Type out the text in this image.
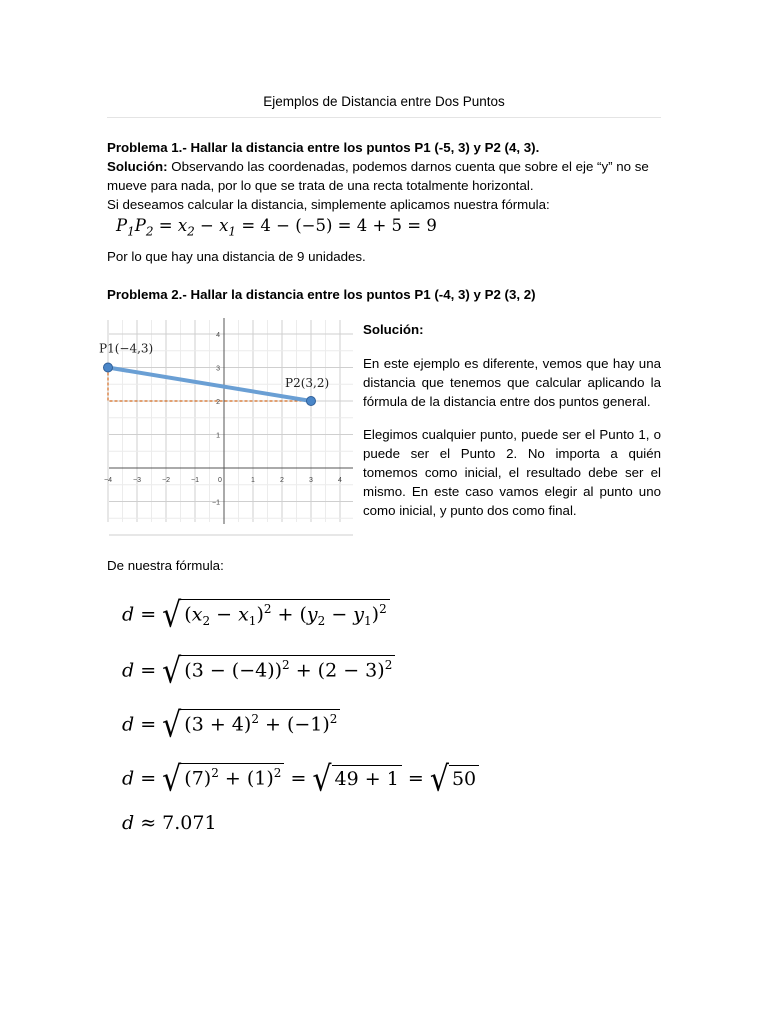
Ejemplos de Distancia entre Dos Puntos
Problema 1.- Hallar la distancia entre los puntos P1 (-5, 3) y P2 (4, 3).
Solución: Observando las coordenadas, podemos darnos cuenta que sobre el eje “y” no se mueve para nada, por lo que se trata de una recta totalmente horizontal.
Si deseamos calcular la distancia, simplemente aplicamos nuestra fórmula:
$P_1P_2 = x_2 - x_1 = 4 - (-5) = 4 + 5 = 9$
Por lo que hay una distancia de 9 unidades.
Problema 2.- Hallar la distancia entre los puntos P1 (-4, 3) y P2 (3, 2)
−4	−3	−2	−1	0	1	2	3	4
4
3
2
1
−1
P1(−4,3)
P2(3,2)
Solución:
En este ejemplo es diferente, vemos que hay una distancia que tenemos que calcular aplicando la fórmula de la distancia entre dos puntos general.
Elegimos cualquier punto, puede ser el Punto 1, o puede ser el Punto 2. No importa a quién tomemos como inicial, el resultado debe ser el mismo. En este caso vamos elegir al punto uno como inicial, y punto dos como final.
De nuestra fórmula:
d = √ $(x_2 - x_1)^2 + (y_2 - y_1)^2$
d = √ $(3 - (-4))^2 + (2 - 3)^2$
d = √ $(3 + 4)^2 + (-1)^2$
d = √ $(7)^2 + (1)^2$ = √ 49 + 1 = √ 50
d ≈ 7.071
